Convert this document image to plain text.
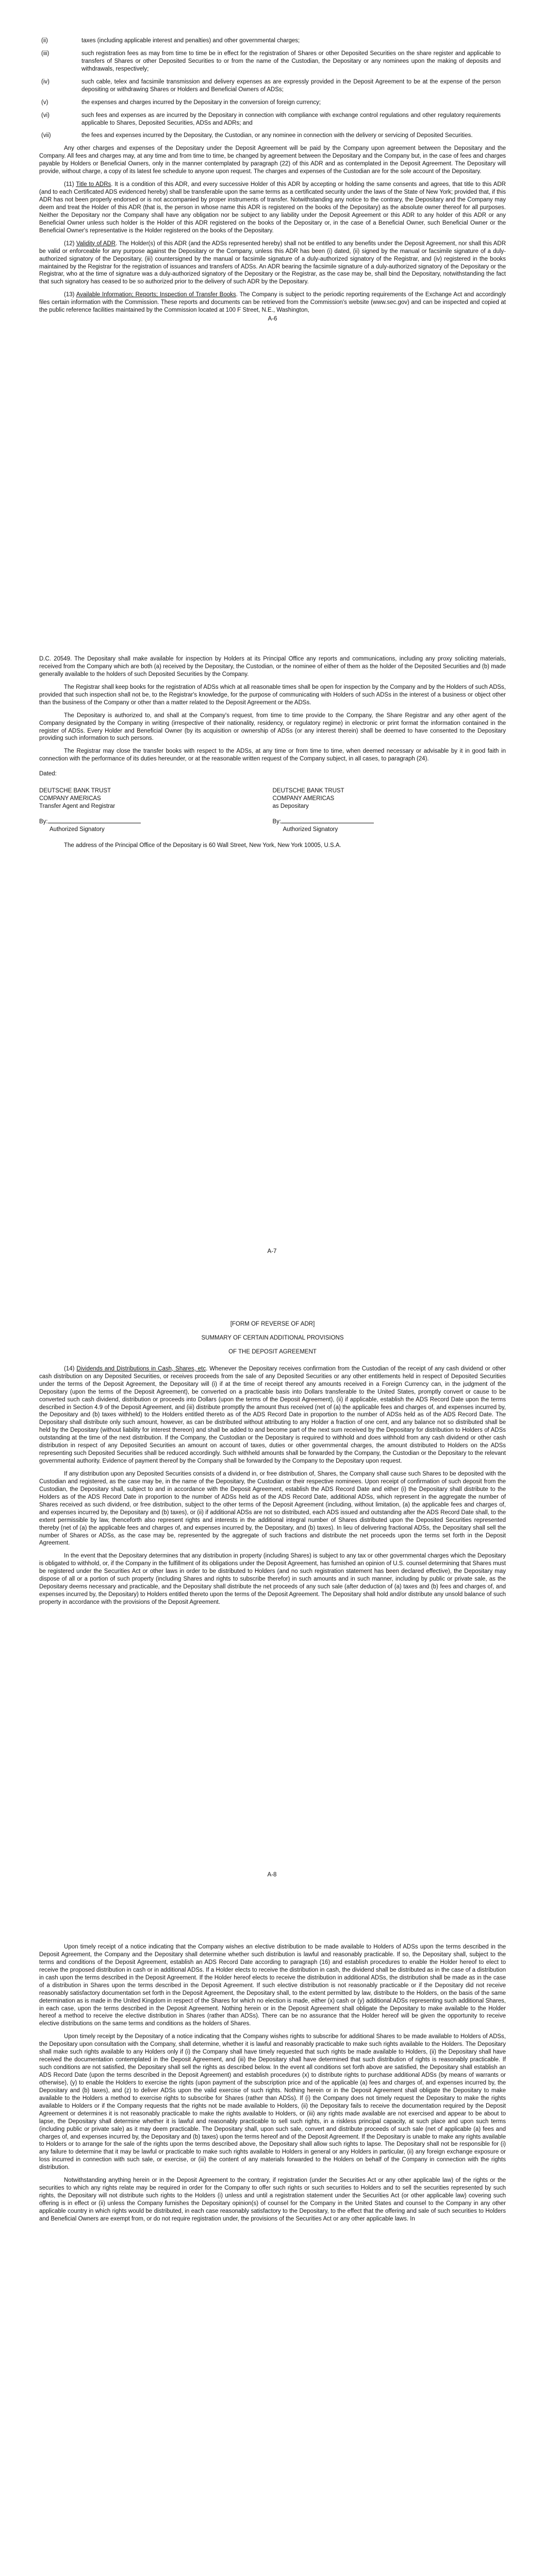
(ii)	taxes (including applicable interest and penalties) and other governmental charges;
(iii)	such registration fees as may from time to time be in effect for the registration of Shares or other Deposited Securities on the share register and applicable to transfers of Shares or other Deposited Securities to or from the name of the Custodian, the Depositary or any nominees upon the making of deposits and withdrawals, respectively;
(iv)	such cable, telex and facsimile transmission and delivery expenses as are expressly provided in the Deposit Agreement to be at the expense of the person depositing or withdrawing Shares or Holders and Beneficial Owners of ADSs;
(v)	the expenses and charges incurred by the Depositary in the conversion of foreign currency;
(vi)	such fees and expenses as are incurred by the Depositary in connection with compliance with exchange control regulations and other regulatory requirements applicable to Shares, Deposited Securities, ADSs and ADRs; and
(vii)	the fees and expenses incurred by the Depositary, the Custodian, or any nominee in connection with the delivery or servicing of Deposited Securities.

Any other charges and expenses of the Depositary under the Deposit Agreement will be paid by the Company upon agreement between the Depositary and the Company. All fees and charges may, at any time and from time to time, be changed by agreement between the Depositary and the Company but, in the case of fees and charges payable by Holders or Beneficial Owners, only in the manner contemplated by paragraph (22) of this ADR and as contemplated in the Deposit Agreement. The Depositary will provide, without charge, a copy of its latest fee schedule to anyone upon request. The charges and expenses of the Custodian are for the sole account of the Depositary.

(11) Title to ADRs. It is a condition of this ADR, and every successive Holder of this ADR by accepting or holding the same consents and agrees, that title to this ADR (and to each Certificated ADS evidenced hereby) shall be transferable upon the same terms as a certificated security under the laws of the State of New York; provided that, if this ADR has not been properly endorsed or is not accompanied by proper instruments of transfer. Notwithstanding any notice to the contrary, the Depositary and the Company may deem and treat the Holder of this ADR (that is, the person in whose name this ADR is registered on the books of the Depositary) as the absolute owner thereof for all purposes. Neither the Depositary nor the Company shall have any obligation nor be subject to any liability under the Deposit Agreement or this ADR to any holder of this ADR or any Beneficial Owner unless such holder is the Holder of this ADR registered on the books of the Depositary or, in the case of a Beneficial Owner, such Beneficial Owner or the Beneficial Owner's representative is the Holder registered on the books of the Depositary.

(12) Validity of ADR. The Holder(s) of this ADR (and the ADSs represented hereby) shall not be entitled to any benefits under the Deposit Agreement, nor shall this ADR be valid or enforceable for any purpose against the Depositary or the Company, unless this ADR has been (i) dated, (ii) signed by the manual or facsimile signature of a duly-authorized signatory of the Depositary, (iii) countersigned by the manual or facsimile signature of a duly-authorized signatory of the Registrar, and (iv) registered in the books maintained by the Registrar for the registration of issuances and transfers of ADSs. An ADR bearing the facsimile signature of a duly-authorized signatory of the Depositary or the Registrar, who at the time of signature was a duly-authorized signatory of the Depositary or the Registrar, as the case may be, shall bind the Depositary, notwithstanding the fact that such signatory has ceased to be so authorized prior to the delivery of such ADR by the Depositary.

(13) Available Information; Reports; Inspection of Transfer Books. The Company is subject to the periodic reporting requirements of the Exchange Act and accordingly files certain information with the Commission. These reports and documents can be retrieved from the Commission's website (www.sec.gov) and can be inspected and copied at the public reference facilities maintained by the Commission located at 100 F Street, N.E., Washington,

A-6

D.C. 20549. The Depositary shall make available for inspection by Holders at its Principal Office any reports and communications, including any proxy soliciting materials, received from the Company which are both (a) received by the Depositary, the Custodian, or the nominee of either of them as the holder of the Deposited Securities and (b) made generally available to the holders of such Deposited Securities by the Company.

The Registrar shall keep books for the registration of ADSs which at all reasonable times shall be open for inspection by the Company and by the Holders of such ADSs, provided that such inspection shall not be, to the Registrar's knowledge, for the purpose of communicating with Holders of such ADSs in the interest of a business or object other than the business of the Company or other than a matter related to the Deposit Agreement or the ADSs.

The Depositary is authorized to, and shall at the Company's request, from time to time provide to the Company, the Share Registrar and any other agent of the Company designated by the Company in writing (irrespective of their nationality, residency, or regulatory regime) in electronic or print format the information contained in the register of ADSs. Every Holder and Beneficial Owner (by its acquisition or ownership of ADSs (or any interest therein) shall be deemed to have consented to the Depositary providing such information to such persons.

The Registrar may close the transfer books with respect to the ADSs, at any time or from time to time, when deemed necessary or advisable by it in good faith in connection with the performance of its duties hereunder, or at the reasonable written request of the Company subject, in all cases, to paragraph (24).

Dated:

DEUTSCHE BANK TRUST
COMPANY AMERICAS
Transfer Agent and Registrar
By:
Authorized Signatory
DEUTSCHE BANK TRUST
COMPANY AMERICAS
as Depositary
By:
Authorized Signatory

The address of the Principal Office of the Depositary is 60 Wall Street, New York, New York 10005, U.S.A.

A-7

[FORM OF REVERSE OF ADR]

SUMMARY OF CERTAIN ADDITIONAL PROVISIONS

OF THE DEPOSIT AGREEMENT

(14) Dividends and Distributions in Cash, Shares, etc. Whenever the Depositary receives confirmation from the Custodian of the receipt of any cash dividend or other cash distribution on any Deposited Securities, or receives proceeds from the sale of any Deposited Securities or any other entitlements held in respect of Deposited Securities under the terms of the Deposit Agreement, the Depositary will (i) if at the time of receipt thereof any amounts received in a Foreign Currency can, in the judgment of the Depositary (upon the terms of the Deposit Agreement), be converted on a practicable basis into Dollars transferable to the United States, promptly convert or cause to be converted such cash dividend, distribution or proceeds into Dollars (upon the terms of the Deposit Agreement), (ii) if applicable, establish the ADS Record Date upon the terms described in Section 4.9 of the Deposit Agreement, and (iii) distribute promptly the amount thus received (net of (a) the applicable fees and charges of, and expenses incurred by, the Depositary and (b) taxes withheld) to the Holders entitled thereto as of the ADS Record Date in proportion to the number of ADSs held as of the ADS Record Date. The Depositary shall distribute only such amount, however, as can be distributed without attributing to any Holder a fraction of one cent, and any balance not so distributed shall be held by the Depositary (without liability for interest thereon) and shall be added to and become part of the next sum received by the Depositary for distribution to Holders of ADSs outstanding at the time of the next distribution. If the Company, the Custodian or the Depositary is required to withhold and does withhold from any cash dividend or other cash distribution in respect of any Deposited Securities an amount on account of taxes, duties or other governmental charges, the amount distributed to Holders on the ADSs representing such Deposited Securities shall be reduced accordingly. Such withheld amounts shall be forwarded by the Company, the Custodian or the Depositary to the relevant governmental authority. Evidence of payment thereof by the Company shall be forwarded by the Company to the Depositary upon request.

If any distribution upon any Deposited Securities consists of a dividend in, or free distribution of, Shares, the Company shall cause such Shares to be deposited with the Custodian and registered, as the case may be, in the name of the Depositary, the Custodian or their respective nominees. Upon receipt of confirmation of such deposit from the Custodian, the Depositary shall, subject to and in accordance with the Deposit Agreement, establish the ADS Record Date and either (i) the Depositary shall distribute to the Holders as of the ADS Record Date in proportion to the number of ADSs held as of the ADS Record Date, additional ADSs, which represent in the aggregate the number of Shares received as such dividend, or free distribution, subject to the other terms of the Deposit Agreement (including, without limitation, (a) the applicable fees and charges of, and expenses incurred by, the Depositary and (b) taxes), or (ii) if additional ADSs are not so distributed, each ADS issued and outstanding after the ADS Record Date shall, to the extent permissible by law, thenceforth also represent rights and interests in the additional integral number of Shares distributed upon the Deposited Securities represented thereby (net of (a) the applicable fees and charges of, and expenses incurred by, the Depositary, and (b) taxes). In lieu of delivering fractional ADSs, the Depositary shall sell the number of Shares or ADSs, as the case may be, represented by the aggregate of such fractions and distribute the net proceeds upon the terms set forth in the Deposit Agreement.

In the event that the Depositary determines that any distribution in property (including Shares) is subject to any tax or other governmental charges which the Depositary is obligated to withhold, or, if the Company in the fulfillment of its obligations under the Deposit Agreement, has furnished an opinion of U.S. counsel determining that Shares must be registered under the Securities Act or other laws in order to be distributed to Holders (and no such registration statement has been declared effective), the Depositary may dispose of all or a portion of such property (including Shares and rights to subscribe therefor) in such amounts and in such manner, including by public or private sale, as the Depositary deems necessary and practicable, and the Depositary shall distribute the net proceeds of any such sale (after deduction of (a) taxes and (b) fees and charges of, and expenses incurred by, the Depositary) to Holders entitled thereto upon the terms of the Deposit Agreement. The Depositary shall hold and/or distribute any unsold balance of such property in accordance with the provisions of the Deposit Agreement.

A-8

Upon timely receipt of a notice indicating that the Company wishes an elective distribution to be made available to Holders of ADSs upon the terms described in the Deposit Agreement, the Company and the Depositary shall determine whether such distribution is lawful and reasonably practicable. If so, the Depositary shall, subject to the terms and conditions of the Deposit Agreement, establish an ADS Record Date according to paragraph (16) and establish procedures to enable the Holder hereof to elect to receive the proposed distribution in cash or in additional ADSs. If a Holder elects to receive the distribution in cash, the dividend shall be distributed as in the case of a distribution in cash upon the terms described in the Deposit Agreement. If the Holder hereof elects to receive the distribution in additional ADSs, the distribution shall be made as in the case of a distribution in Shares upon the terms described in the Deposit Agreement. If such elective distribution is not reasonably practicable or if the Depositary did not receive reasonably satisfactory documentation set forth in the Deposit Agreement, the Depositary shall, to the extent permitted by law, distribute to the Holders, on the basis of the same determination as is made in the United Kingdom in respect of the Shares for which no election is made, either (x) cash or (y) additional ADSs representing such additional Shares, in each case, upon the terms described in the Deposit Agreement. Nothing herein or in the Deposit Agreement shall obligate the Depositary to make available to the Holder hereof a method to receive the elective distribution in Shares (rather than ADSs). There can be no assurance that the Holder hereof will be given the opportunity to receive elective distributions on the same terms and conditions as the holders of Shares.

Upon timely receipt by the Depositary of a notice indicating that the Company wishes rights to subscribe for additional Shares to be made available to Holders of ADSs, the Depositary upon consultation with the Company, shall determine, whether it is lawful and reasonably practicable to make such rights available to the Holders. The Depositary shall make such rights available to any Holders only if (i) the Company shall have timely requested that such rights be made available to Holders, (ii) the Depositary shall have received the documentation contemplated in the Deposit Agreement, and (iii) the Depositary shall have determined that such distribution of rights is reasonably practicable. If such conditions are not satisfied, the Depositary shall sell the rights as described below. In the event all conditions set forth above are satisfied, the Depositary shall establish an ADS Record Date (upon the terms described in the Deposit Agreement) and establish procedures (x) to distribute rights to purchase additional ADSs (by means of warrants or otherwise), (y) to enable the Holders to exercise the rights (upon payment of the subscription price and of the applicable (a) fees and charges of, and expenses incurred by, the Depositary and (b) taxes), and (z) to deliver ADSs upon the valid exercise of such rights. Nothing herein or in the Deposit Agreement shall obligate the Depositary to make available to the Holders a method to exercise rights to subscribe for Shares (rather than ADSs). If (i) the Company does not timely request the Depositary to make the rights available to Holders or if the Company requests that the rights not be made available to Holders, (ii) the Depositary fails to receive the documentation required by the Deposit Agreement or determines it is not reasonably practicable to make the rights available to Holders, or (iii) any rights made available are not exercised and appear to be about to lapse, the Depositary shall determine whether it is lawful and reasonably practicable to sell such rights, in a riskless principal capacity, at such place and upon such terms (including public or private sale) as it may deem practicable. The Depositary shall, upon such sale, convert and distribute proceeds of such sale (net of applicable (a) fees and charges of, and expenses incurred by, the Depositary and (b) taxes) upon the terms hereof and of the Deposit Agreement. If the Depositary is unable to make any rights available to Holders or to arrange for the sale of the rights upon the terms described above, the Depositary shall allow such rights to lapse. The Depositary shall not be responsible for (i) any failure to determine that it may be lawful or practicable to make such rights available to Holders in general or any Holders in particular, (ii) any foreign exchange exposure or loss incurred in connection with such sale, or exercise, or (iii) the content of any materials forwarded to the Holders on behalf of the Company in connection with the rights distribution.

Notwithstanding anything herein or in the Deposit Agreement to the contrary, if registration (under the Securities Act or any other applicable law) of the rights or the securities to which any rights relate may be required in order for the Company to offer such rights or such securities to Holders and to sell the securities represented by such rights, the Depositary will not distribute such rights to the Holders (i) unless and until a registration statement under the Securities Act (or other applicable law) covering such offering is in effect or (ii) unless the Company furnishes the Depositary opinion(s) of counsel for the Company in the United States and counsel to the Company in any other applicable country in which rights would be distributed, in each case reasonably satisfactory to the Depositary, to the effect that the offering and sale of such securities to Holders and Beneficial Owners are exempt from, or do not require registration under, the provisions of the Securities Act or any other applicable laws. In
